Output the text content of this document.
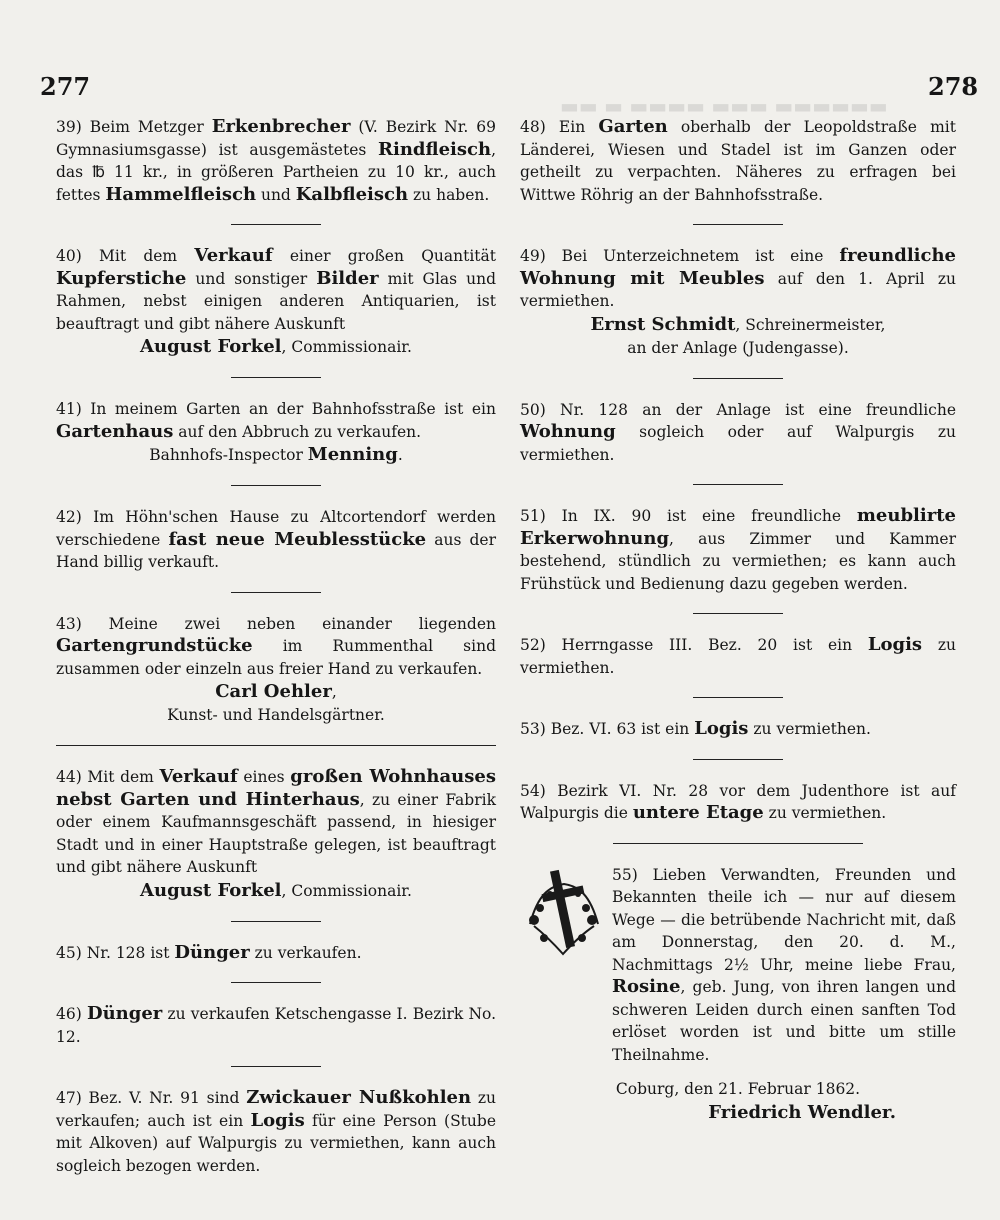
277	278
▬▬ ▬ ▬▬▬▬ ▬▬▬ ▬▬▬▬▬▬

39) Beim Metzger Erkenbrecher (V. Bezirk Nr. 69 Gymnasiumsgasse) ist ausgemästetes Rindfleisch, das ℔ 11 kr., in größeren Partheien zu 10 kr., auch fettes Hammelfleisch und Kalbfleisch zu haben.

40) Mit dem Verkauf einer großen Quantität Kupferstiche und sonstiger Bilder mit Glas und Rahmen, nebst einigen anderen Antiquarien, ist beauftragt und gibt nähere Auskunft

August Forkel, Commissionair.

41) In meinem Garten an der Bahnhofsstraße ist ein Gartenhaus auf den Abbruch zu verkaufen.

Bahnhofs-Inspector Menning.

42) Im Höhn'schen Hause zu Altcortendorf werden verschiedene fast neue Meublesstücke aus der Hand billig verkauft.

43) Meine zwei neben einander liegenden Gartengrundstücke im Rummenthal sind zusammen oder einzeln aus freier Hand zu verkaufen.

Carl Oehler,
Kunst- und Handelsgärtner.

44) Mit dem Verkauf eines großen Wohnhauses nebst Garten und Hinterhaus, zu einer Fabrik oder einem Kaufmannsgeschäft passend, in hiesiger Stadt und in einer Hauptstraße gelegen, ist beauftragt und gibt nähere Auskunft

August Forkel, Commissionair.

45) Nr. 128 ist Dünger zu verkaufen.

46) Dünger zu verkaufen Ketschengasse I. Bezirk No. 12.

47) Bez. V. Nr. 91 sind Zwickauer Nußkohlen zu verkaufen; auch ist ein Logis für eine Person (Stube mit Alkoven) auf Walpurgis zu vermiethen, kann auch sogleich bezogen werden.

48) Ein Garten oberhalb der Leopoldstraße mit Länderei, Wiesen und Stadel ist im Ganzen oder getheilt zu verpachten. Näheres zu erfragen bei Wittwe Röhrig an der Bahnhofsstraße.

49) Bei Unterzeichnetem ist eine freundliche Wohnung mit Meubles auf den 1. April zu vermiethen.

Ernst Schmidt, Schreinermeister,
an der Anlage (Judengasse).

50) Nr. 128 an der Anlage ist eine freundliche Wohnung sogleich oder auf Walpurgis zu vermiethen.

51) In IX. 90 ist eine freundliche meublirte Erkerwohnung, aus Zimmer und Kammer bestehend, stündlich zu vermiethen; es kann auch Frühstück und Bedienung dazu gegeben werden.

52) Herrngasse III. Bez. 20 ist ein Logis zu vermiethen.

53) Bez. VI. 63 ist ein Logis zu vermiethen.

54) Bezirk VI. Nr. 28 vor dem Judenthore ist auf Walpurgis die untere Etage zu vermiethen.

55) Lieben Verwandten, Freunden und Bekannten theile ich — nur auf diesem Wege — die betrübende Nachricht mit, daß am Donnerstag, den 20. d. M., Nachmittags 2½ Uhr, meine liebe Frau, Rosine, geb. Jung, von ihren langen und schweren Leiden durch einen sanften Tod erlöset worden ist und bitte um stille Theilnahme.

Coburg, den 21. Februar 1862.
Friedrich Wendler.
